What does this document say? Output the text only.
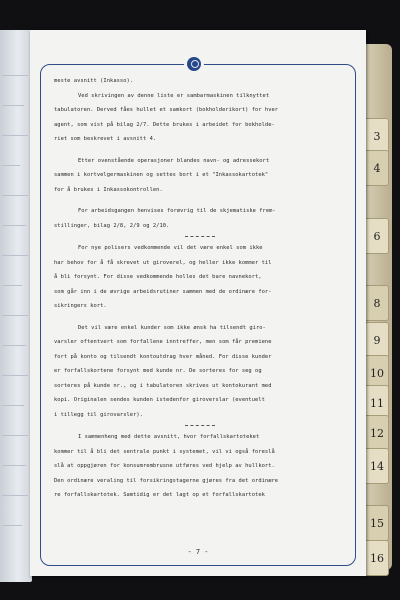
3
4
6
8
9
10
11
12
14
15
16
meste avsnitt (Inkasso).
Ved skrivingen av denne liste er sambarmaskinen tilknyttet
tabulatoren. Derved fåes hullet et samkort (bokholderikort) for hver
agent, som vist på bilag 2/7. Dette brukes i arbeidet for bokholde-
riet som beskrevet i avsnitt 4.
Etter ovenstående operasjoner blandes navn- og adressekort
sammen i kortvelgermaskinen og settes bort i et "Inkassokartotek"
for å brukes i Inkassokontrollen.
For arbeidsgangen henvises forøvrig til de skjematiske frem-
stillinger, bilag 2/8, 2/9 og 2/10.
For nye polisers vedkommende vil det være enkel som ikke
har behov for å få skrevet ut giroverel, og heller ikke kommer til
å bli forsynt. For disse vedkommende holles det bare navnekort,
som går inn i de øvrige arbeidsrutiner sammen med de ordinære for-
sikringers kort.
Det vil være enkel kunder som ikke ønsk ha tilsendt giro-
varsler oftentvert som forfallene inntreffer, men som får premiene
fort på konto og tilsendt kontoutdrag hver måned. For disse kunder
er forfallskortene forsynt med kunde nr. De sorteres for seg og
sorteres på kunde nr., og i tabulatoren skrives ut kontokurant med
kopi. Originalen sendes kunden istedenfor giroverslar (eventuelt
i tillegg til girovarsler).
I sammenheng med dette avsnitt, hvor forfallskartoteket
kommer til å bli det sentrale punkt i systemet, vil vi også foreslå
slå at oppgjøren for konsumrembrusne utføres ved hjelp av hullkort.
Den ordinære veraling til forsikringstagerne gjøres fra det ordinære
re forfallskartotek. Samtidig er det lagt op et forfallskartotek
- 7 -
